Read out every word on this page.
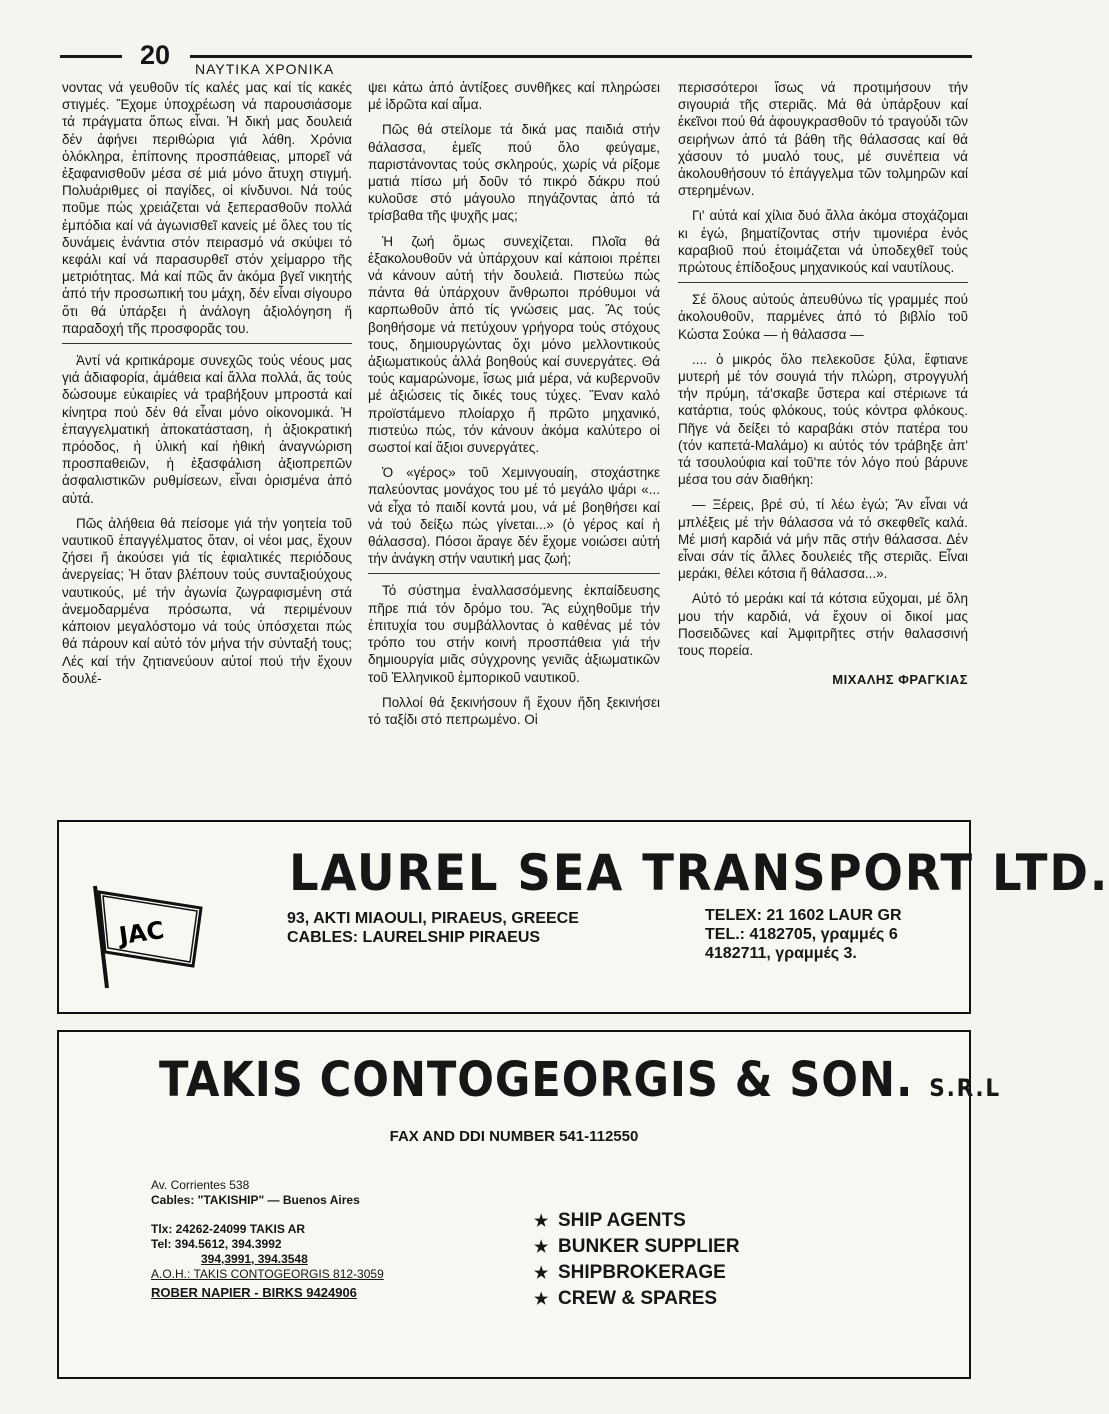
20 ΝΑΥΤΙΚΑ ΧΡΟΝΙΚΑ

νοντας νά γευθοῦν τίς καλές μας καί τίς κακές στιγμές. Ἔχομε ὑποχρέωση νά παρουσιάσομε τά πράγματα ὅπως εἶναι. Ἡ δική μας δουλειά δέν ἀφήνει περιθώρια γιά λάθη. Χρόνια ὁλόκληρα, ἐπίπονης προσπάθειας, μπορεῖ νά ἐξαφανισθοῦν μέσα σέ μιά μόνο ἄτυχη στιγμή. Πολυάριθμες οἱ παγίδες, οἱ κίνδυνοι. Νά τούς ποῦμε πώς χρειάζεται νά ξεπερασθοῦν πολλά ἐμπόδια καί νά ἀγωνισθεῖ κανείς μέ ὅλες του τίς δυνάμεις ἐνάντια στόν πειρασμό νά σκύψει τό κεφάλι καί νά παρασυρθεῖ στόν χείμαρρο τῆς μετριότητας. Μά καί πῶς ἄν ἀκόμα βγεῖ νικητής ἀπό τήν προσωπική του μάχη, δέν εἶναι σίγουρο ὅτι θά ὑπάρξει ἡ ἀνάλογη ἀξιολόγηση ἤ παραδοχή τῆς προσφορᾶς του.

Ἀντί νά κριτικάρομε συνεχῶς τούς νέους μας γιά ἀδιαφορία, ἀμάθεια καί ἄλλα πολλά, ἄς τούς δώσουμε εὐκαιρίες νά τραβήξουν μπροστά καί κίνητρα πού δέν θά εἶναι μόνο οἰκονομικά. Ἡ ἐπαγγελματική ἀποκατάσταση, ἡ ἀξιοκρατική πρόοδος, ἡ ὑλική καί ἠθική ἀναγνώριση προσπαθειῶν, ἡ ἐξασφάλιση ἀξιοπρεπῶν ἀσφαλιστικῶν ρυθμίσεων, εἶναι ὁρισμένα ἀπό αὐτά.

Πῶς ἀλήθεια θά πείσομε γιά τήν γοητεία τοῦ ναυτικοῦ ἐπαγγέλματος ὅταν, οἱ νέοι μας, ἔχουν ζήσει ἤ ἀκούσει γιά τίς ἐφιαλτικές περιόδους ἀνεργείας; Ἡ ὅταν βλέπουν τούς συνταξιούχους ναυτικούς, μέ τήν ἀγωνία ζωγραφισμένη στά ἀνεμοδαρμένα πρόσωπα, νά περιμένουν κάποιον μεγαλόστομο νά τούς ὑπόσχεται πώς θά πάρουν καί αὐτό τόν μήνα τήν σύνταξή τους; Λές καί τήν ζητιανεύουν αὐτοί πού τήν ἔχουν δουλέ-

ψει κάτω ἀπό ἀντίξοες συνθῆκες καί πληρώσει μέ ἱδρῶτα καί αἷμα.

Πῶς θά στείλομε τά δικά μας παιδιά στήν θάλασσα, ἐμεῖς πού ὅλο φεύγαμε, παριστάνοντας τούς σκληρούς, χωρίς νά ρίξομε ματιά πίσω μή δοῦν τό πικρό δάκρυ πού κυλοῦσε στό μάγουλο πηγάζοντας ἀπό τά τρίσβαθα τῆς ψυχῆς μας;

Ἡ ζωή ὅμως συνεχίζεται. Πλοῖα θά ἐξακολουθοῦν νά ὑπάρχουν καί κάποιοι πρέπει νά κάνουν αὐτή τήν δουλειά. Πιστεύω πώς πάντα θά ὑπάρχουν ἄνθρωποι πρόθυμοι νά καρπωθοῦν ἀπό τίς γνώσεις μας. Ἄς τούς βοηθήσομε νά πετύχουν γρήγορα τούς στόχους τους, δημιουργώντας ὄχι μόνο μελλοντικούς ἀξιωματικούς ἀλλά βοηθούς καί συνεργάτες. Θά τούς καμαρώνομε, ἴσως μιά μέρα, νά κυβερνοῦν μέ ἀξιώσεις τίς δικές τους τύχες. Ἕναν καλό προϊστάμενο πλοίαρχο ἤ πρῶτο μηχανικό, πιστεύω πώς, τόν κάνουν ἀκόμα καλύτερο οἱ σωστοί καί ἄξιοι συνεργάτες.

Ὁ «γέρος» τοῦ Χεμινγουαίη, στοχάστηκε παλεύοντας μονάχος του μέ τό μεγάλο ψάρι «... νά εἶχα τό παιδί κοντά μου, νά μέ βοηθήσει καί νά τού δείξω πώς γίνεται...» (ὁ γέρος καί ἡ θάλασσα). Πόσοι ἄραγε δέν ἔχομε νοιώσει αὐτή τήν ἀνάγκη στήν ναυτική μας ζωή;

Τό σύστημα ἐναλλασσόμενης ἐκπαίδευσης πῆρε πιά τόν δρόμο του. Ἄς εὐχηθοῦμε τήν ἐπιτυχία του συμβάλλοντας ὁ καθένας μέ τόν τρόπο του στήν κοινή προσπάθεια γιά τήν δημιουργία μιᾶς σύγχρονης γενιᾶς ἀξιωματικῶν τοῦ Ἑλληνικοῦ ἐμπορικοῦ ναυτικοῦ.

Πολλοί θά ξεκινήσουν ἤ ἔχουν ἤδη ξεκινήσει τό ταξίδι στό πεπρωμένο. Οἱ

περισσότεροι ἴσως νά προτιμήσουν τήν σιγουριά τῆς στεριᾶς. Μά θά ὑπάρξουν καί ἐκεῖνοι πού θά ἀφουγκρασθοῦν τό τραγούδι τῶν σειρήνων ἀπό τά βάθη τῆς θάλασσας καί θά χάσουν τό μυαλό τους, μέ συνέπεια νά ἀκολουθήσουν τό ἐπάγγελμα τῶν τολμηρῶν καί στερημένων.

Γι' αὐτά καί χίλια δυό ἄλλα ἀκόμα στοχάζομαι κι ἐγώ, βηματίζοντας στήν τιμονιέρα ἑνός καραβιοῦ πού ἑτοιμάζεται νά ὑποδεχθεῖ τούς πρώτους ἐπίδοξους μηχανικούς καί ναυτίλους.

Σέ ὅλους αὐτούς ἀπευθύνω τίς γραμμές πού ἀκολουθοῦν, παρμένες ἀπό τό βιβλίο τοῦ Κώστα Σούκα — ἡ θάλασσα —

.... ὁ μικρός ὅλο πελεκοῦσε ξύλα, ἔφτιανε μυτερή μέ τόν σουγιά τήν πλώρη, στρογγυλή τήν πρύμη, τά'σκαβε ὕστερα καί στέριωνε τά κατάρτια, τούς φλόκους, τούς κόντρα φλόκους. Πῆγε νά δείξει τό καραβάκι στόν πατέρα του (τόν καπετά-Μαλάμο) κι αὐτός τόν τράβηξε ἀπ' τά τσουλούφια καί τοῦ'πε τόν λόγο πού βάρυνε μέσα του σάν διαθήκη:

— Ξέρεις, βρέ σύ, τί λέω ἐγώ; Ἄν εἶναι νά μπλέξεις μέ τήν θάλασσα νά τό σκεφθεῖς καλά. Μέ μισή καρδιά νά μήν πᾶς στήν θάλασσα. Δέν εἶναι σάν τίς ἄλλες δουλειές τῆς στεριᾶς. Εἶναι μεράκι, θέλει κότσια ἤ θάλασσα...».

Αὐτό τό μεράκι καί τά κότσια εὔχομαι, μέ ὅλη μου τήν καρδιά, νά ἔχουν οἱ δικοί μας Ποσειδῶνες καί Ἀμφιτρῆτες στήν θαλασσινή τους πορεία.

ΜΙΧΑΛΗΣ ΦΡΑΓΚΙΑΣ
JAC
LAUREL SEA TRANSPORT LTD.
93, AKTI MIAOULI, PIRAEUS, GREECE
CABLES: LAURELSHIP PIRAEUS
TELEX: 21 1602 LAUR GR
TEL.: 4182705, γραμμές 6
4182711, γραμμές 3.
TAKIS CONTOGEORGIS & SON. S.R.L
FAX AND DDI NUMBER 541-112550
Av. Corrientes 538
Cables: "TAKISHIP" — Buenos Aires
Tlx: 24262-24099 TAKIS AR
Tel: 394.5612, 394.3992
394,3991, 394.3548
A.O.H.: TAKIS CONTOGEORGIS 812-3059
ROBER NAPIER - BIRKS 9424906
★ SHIP AGENTS
★ BUNKER SUPPLIER
★ SHIPBROKERAGE
★ CREW & SPARES
